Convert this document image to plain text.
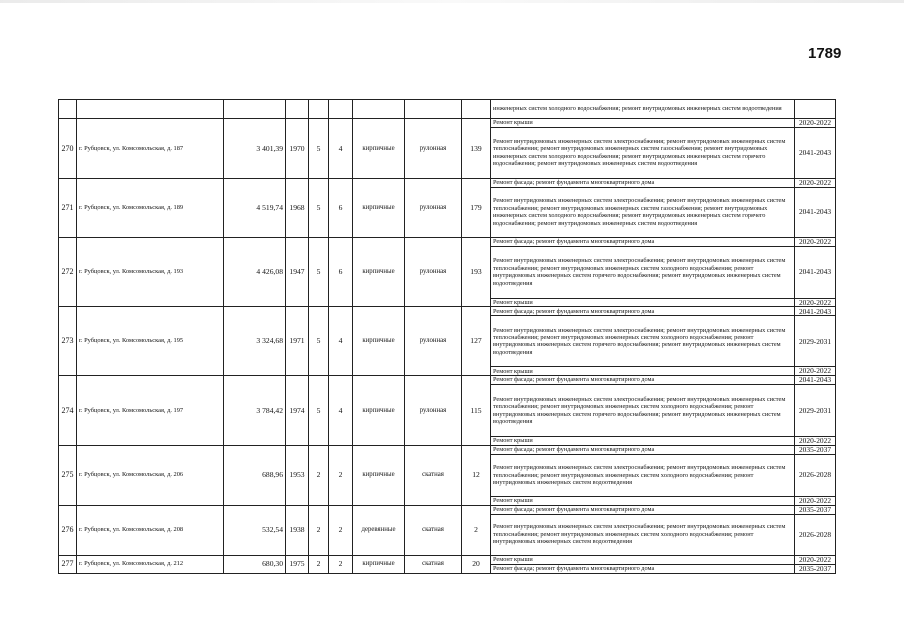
1789
									инженерных систем холодного водоснабжения; ремонт внутридомовых инженерных систем водоотведения	
270	г. Рубцовск, ул. Комсомольская, д. 187	3 401,39	1970	5	4	кирпичные	рулонная	139	Ремонт крыши	2020-2022
									Ремонт внутридомовых инженерных систем электроснабжения; ремонт внутридомовых инженерных систем теплоснабжения; ремонт внутридомовых инженерных систем газоснабжения; ремонт внутридомовых инженерных систем холодного водоснабжения; ремонт внутридомовых инженерных систем горячего водоснабжения; ремонт внутридомовых инженерных систем водоотведения	2041-2043
271	г. Рубцовск, ул. Комсомольская, д. 189	4 519,74	1968	5	6	кирпичные	рулонная	179	Ремонт фасада; ремонт фундамента многоквартирного дома	2020-2022
									Ремонт внутридомовых инженерных систем электроснабжения; ремонт внутридомовых инженерных систем теплоснабжения; ремонт внутридомовых инженерных систем газоснабжения; ремонт внутридомовых инженерных систем холодного водоснабжения; ремонт внутридомовых инженерных систем горячего водоснабжения; ремонт внутридомовых инженерных систем водоотведения	2041-2043
272	г. Рубцовск, ул. Комсомольская, д. 193	4 426,08	1947	5	6	кирпичные	рулонная	193	Ремонт фасада; ремонт фундамента многоквартирного дома	2020-2022
									Ремонт внутридомовых инженерных систем электроснабжения; ремонт внутридомовых инженерных систем теплоснабжения; ремонт внутридомовых инженерных систем холодного водоснабжения; ремонт внутридомовых инженерных систем горячего водоснабжения; ремонт внутридомовых инженерных систем водоотведения	2041-2043
									Ремонт крыши	2020-2022
273	г. Рубцовск, ул. Комсомольская, д. 195	3 324,68	1971	5	4	кирпичные	рулонная	127	Ремонт фасада; ремонт фундамента многоквартирного дома	2041-2043
									Ремонт внутридомовых инженерных систем электроснабжения; ремонт внутридомовых инженерных систем теплоснабжения; ремонт внутридомовых инженерных систем холодного водоснабжения; ремонт внутридомовых инженерных систем горячего водоснабжения; ремонт внутридомовых инженерных систем водоотведения	2029-2031
									Ремонт крыши	2020-2022
274	г. Рубцовск, ул. Комсомольская, д. 197	3 784,42	1974	5	4	кирпичные	рулонная	115	Ремонт фасада; ремонт фундамента многоквартирного дома	2041-2043
									Ремонт внутридомовых инженерных систем электроснабжения; ремонт внутридомовых инженерных систем теплоснабжения; ремонт внутридомовых инженерных систем холодного водоснабжения; ремонт внутридомовых инженерных систем горячего водоснабжения; ремонт внутридомовых инженерных систем водоотведения	2029-2031
									Ремонт крыши	2020-2022
275	г. Рубцовск, ул. Комсомольская, д. 206	688,96	1953	2	2	кирпичные	скатная	12	Ремонт фасада; ремонт фундамента многоквартирного дома	2035-2037
									Ремонт внутридомовых инженерных систем электроснабжения; ремонт внутридомовых инженерных систем теплоснабжения; ремонт внутридомовых инженерных систем холодного водоснабжения; ремонт внутридомовых инженерных систем водоотведения	2026-2028
									Ремонт крыши	2020-2022
276	г. Рубцовск, ул. Комсомольская, д. 208	532,54	1938	2	2	деревянные	скатная	2	Ремонт фасада; ремонт фундамента многоквартирного дома	2035-2037
									Ремонт внутридомовых инженерных систем электроснабжения; ремонт внутридомовых инженерных систем теплоснабжения; ремонт внутридомовых инженерных систем холодного водоснабжения; ремонт внутридомовых инженерных систем водоотведения	2026-2028
277	г. Рубцовск, ул. Комсомольская, д. 212	680,30	1975	2	2	кирпичные	скатная	20	Ремонт крыши	2020-2022
									Ремонт фасада; ремонт фундамента многоквартирного дома	2035-2037
